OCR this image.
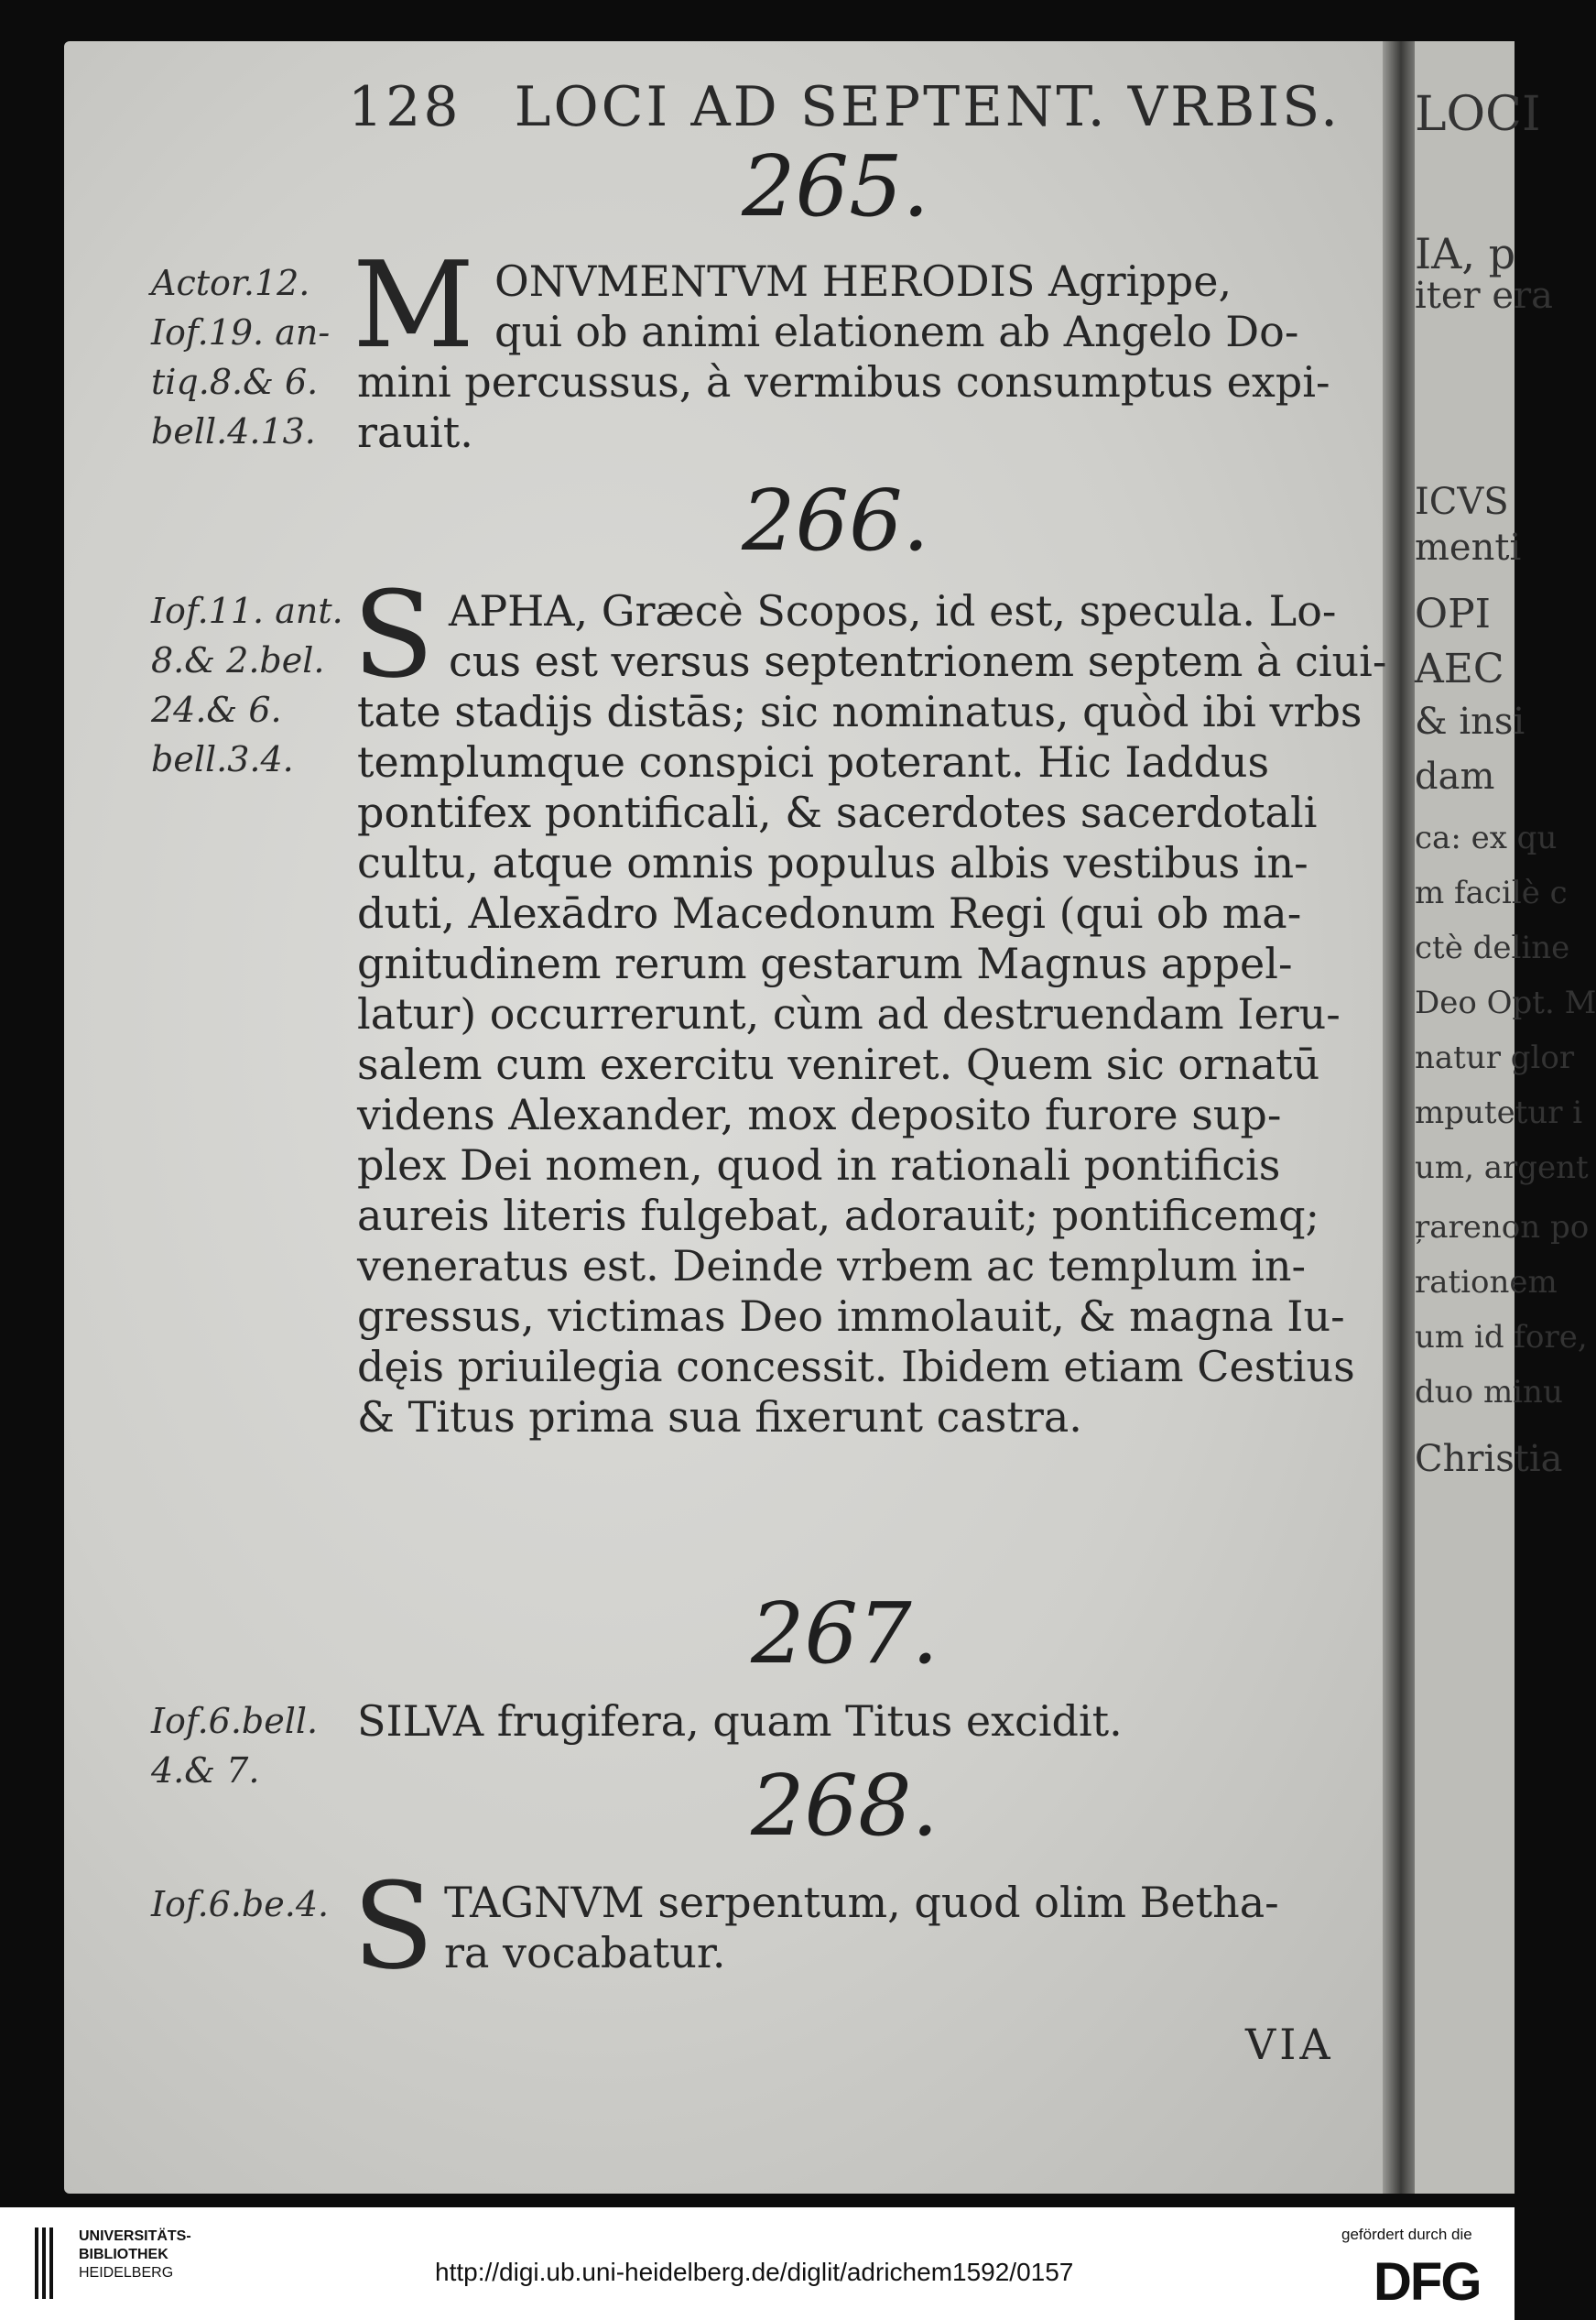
LOCI
IA, p
iter era
ICVS
menti
OPI
AEC
& insi
dam
ca: ex qu
m facilè c
ctè deline
Deo Opt. M
natur glor
mputetur i
um, argent
ŗarenon po
rationem
um id fore,
duo minu
Christia
128 LOCI AD SEPTENT. VRBIS.
265.
Actor.12.
Iof.19. an-
tiq.8.& 6.
bell.4.13.
M ONVMENTVM HERODIS Agrippe,
qui ob animi elationem ab Angelo Do-
mini percussus, à vermibus consumptus expi-
rauit.
266.
Iof.11. ant.
8.& 2.bel.
24.& 6.
bell.3.4.
S APHA, Græcè Scopos, id est, specula. Lo-
cus est versus septentrionem septem à ciui-
tate stadijs distās; sic nominatus, quòd ibi vrbs
templumque conspici poterant. Hic Iaddus
pontifex pontificali, & sacerdotes sacerdotali
cultu, atque omnis populus albis vestibus in-
duti, Alexādro Macedonum Regi (qui ob ma-
gnitudinem rerum gestarum Magnus appel-
latur) occurrerunt, cùm ad destruendam Ieru-
salem cum exercitu veniret. Quem sic ornatū
videns Alexander, mox deposito furore sup-
plex Dei nomen, quod in rationali pontificis
aureis literis fulgebat, adorauit; pontificemq;
veneratus est. Deinde vrbem ac templum in-
gressus, victimas Deo immolauit, & magna Iu-
dęis priuilegia concessit. Ibidem etiam Cestius
& Titus prima sua fixerunt castra.
267.
Iof.6.bell.
4.& 7.
SILVA frugifera, quam Titus excidit.
268.
Iof.6.be.4. S TAGNVM serpentum, quod olim Betha-
ra vocabatur.
VIA
UNIVERSITÄTS-
BIBLIOTHEK
HEIDELBERG	http://digi.ub.uni-heidelberg.de/diglit/adrichem1592/0157
gefördert durch die
DFG
